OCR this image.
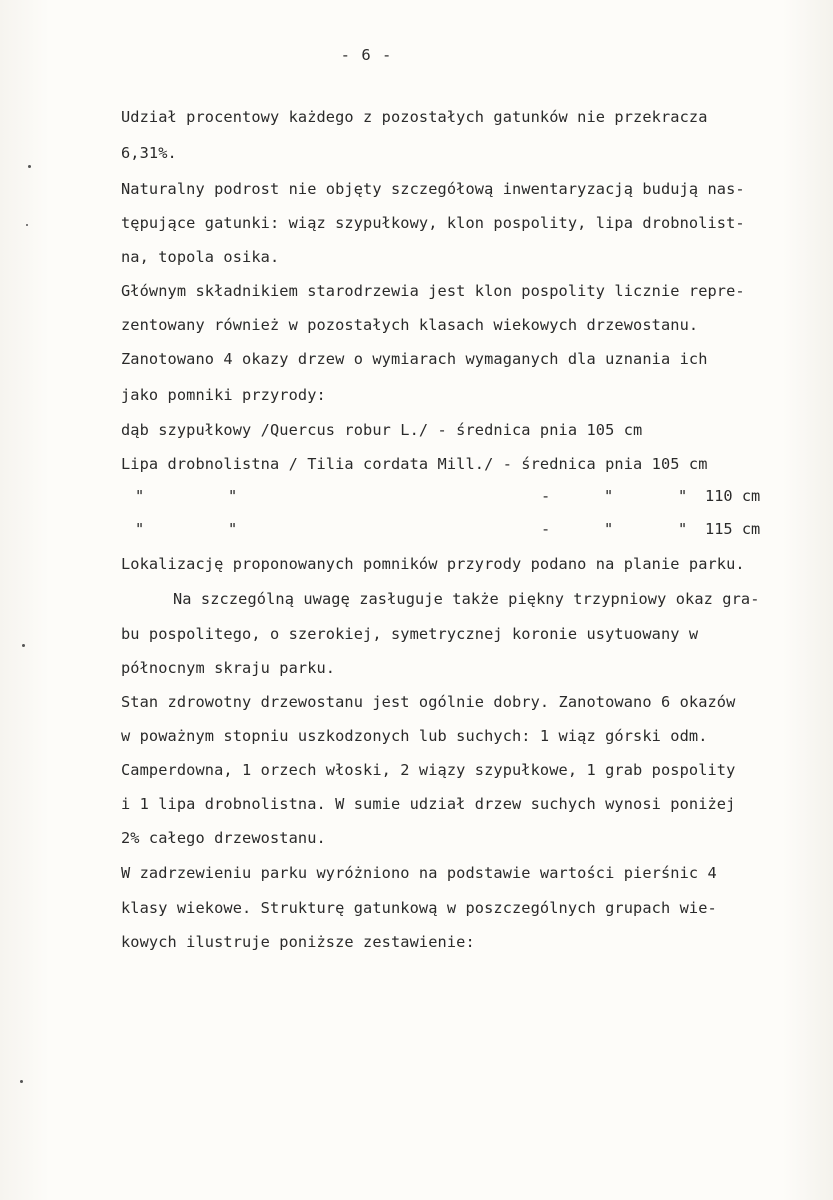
- 6 -
Udział procentowy każdego z pozostałych gatunków nie przekracza
6,31%.
Naturalny podrost nie objęty szczegółową inwentaryzacją budują nas-
tępujące gatunki: wiąz szypułkowy, klon pospolity, lipa drobnolist-
na, topola osika.
Głównym składnikiem starodrzewia jest klon pospolity licznie repre-
zentowany również w pozostałych klasach wiekowych drzewostanu.
Zanotowano 4 okazy drzew o wymiarach wymaganych dla uznania ich
jako pomniki przyrody:
dąb szypułkowy /Quercus robur L./ - średnica pnia 105 cm
Lipa drobnolistna / Tilia cordata Mill./ - średnica pnia 105 cm
"	"	-	"	" 110 cm
"	"	-	"	" 115 cm
Lokalizację proponowanych pomników przyrody podano na planie parku.
Na szczególną uwagę zasługuje także piękny trzypniowy okaz gra-
bu pospolitego, o szerokiej, symetrycznej koronie usytuowany w
północnym skraju parku.
Stan zdrowotny drzewostanu jest ogólnie dobry. Zanotowano 6 okazów
w poważnym stopniu uszkodzonych lub suchych: 1 wiąz górski odm.
Camperdowna, 1 orzech włoski, 2 wiązy szypułkowe, 1 grab pospolity
i 1 lipa drobnolistna. W sumie udział drzew suchych wynosi poniżej
2% całego drzewostanu.
W zadrzewieniu parku wyróżniono na podstawie wartości pierśnic 4
klasy wiekowe. Strukturę gatunkową w poszczególnych grupach wie-
kowych ilustruje poniższe zestawienie:
